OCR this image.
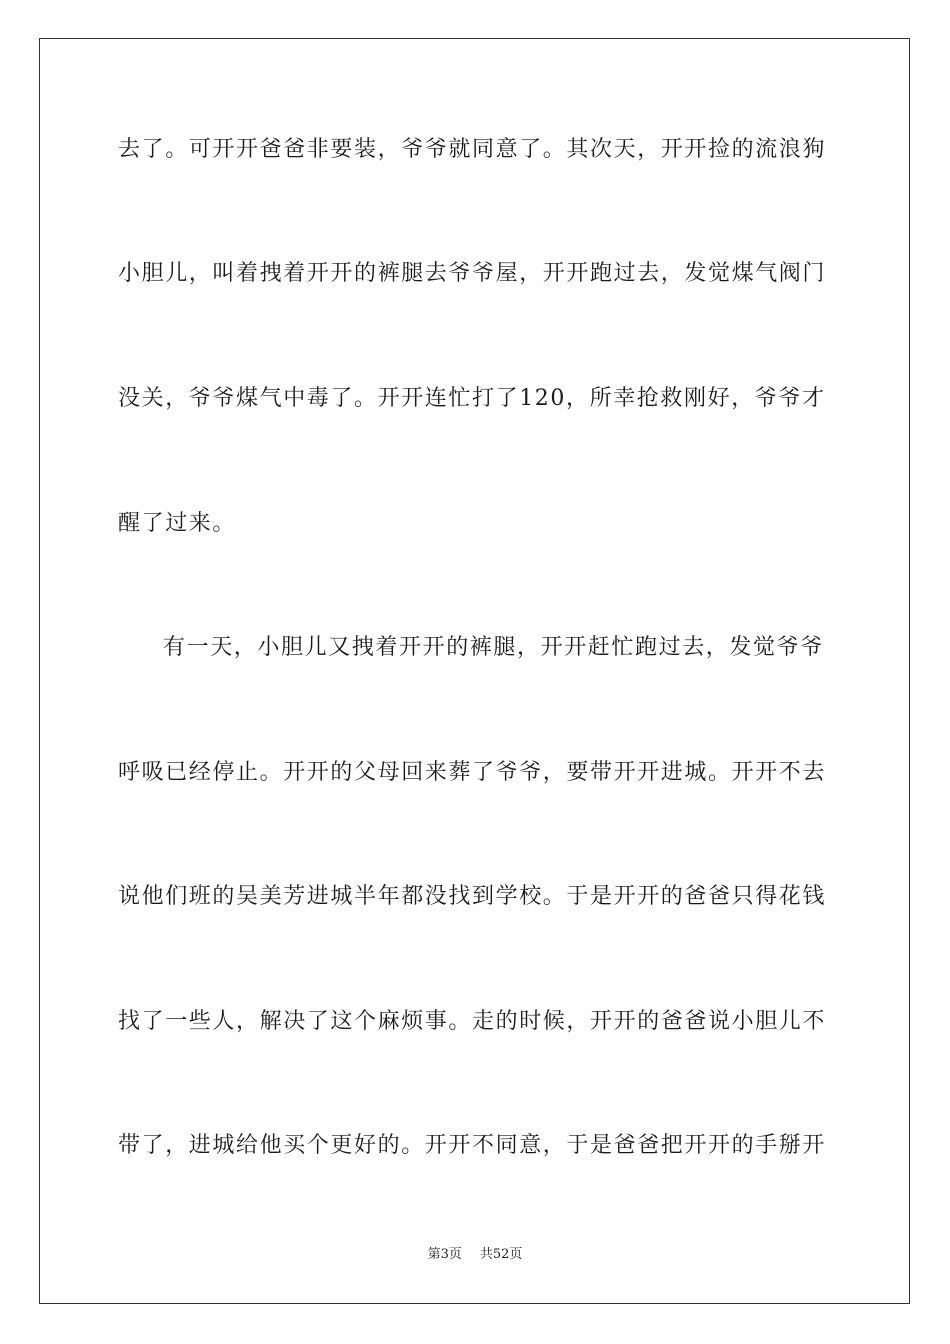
去了。可开开爸爸非要装，爷爷就同意了。其次天，开开捡的流浪狗
小胆儿，叫着拽着开开的裤腿去爷爷屋，开开跑过去，发觉煤气阀门
没关，爷爷煤气中毒了。开开连忙打了120，所幸抢救刚好，爷爷才
醒了过来。
有一天，小胆儿又拽着开开的裤腿，开开赶忙跑过去，发觉爷爷
呼吸已经停止。开开的父母回来葬了爷爷，要带开开进城。开开不去
说他们班的吴美芳进城半年都没找到学校。于是开开的爸爸只得花钱
找了一些人，解决了这个麻烦事。走的时候，开开的爸爸说小胆儿不
带了，进城给他买个更好的。开开不同意，于是爸爸把开开的手掰开
第3页 共52页
